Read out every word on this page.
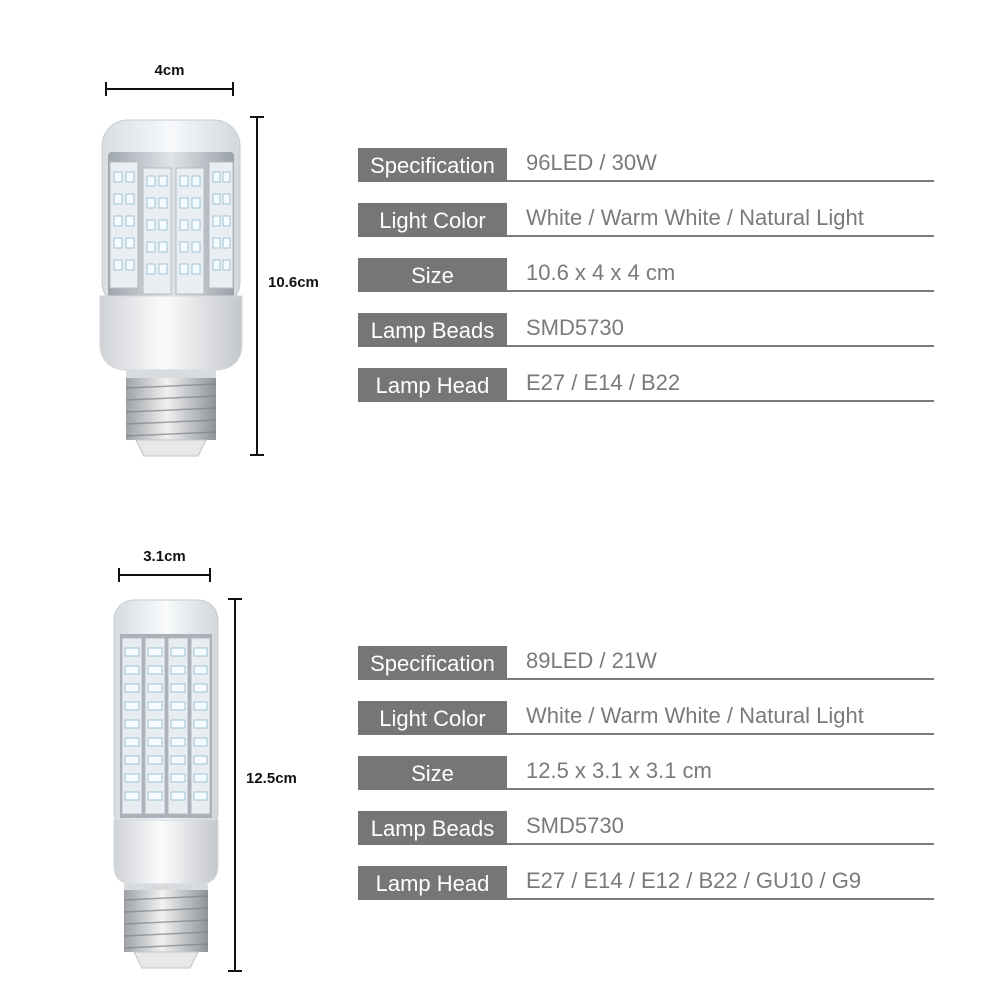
4cm
10.6cm
Specification	96LED / 30W
Light Color	White / Warm White / Natural Light
Size	10.6 x 4 x 4 cm
Lamp Beads	SMD5730
Lamp Head	E27 / E14 / B22
3.1cm
12.5cm
Specification	89LED / 21W
Light Color	White / Warm White / Natural Light
Size	12.5 x 3.1 x 3.1 cm
Lamp Beads	SMD5730
Lamp Head	E27 / E14 / E12 / B22 / GU10 / G9
